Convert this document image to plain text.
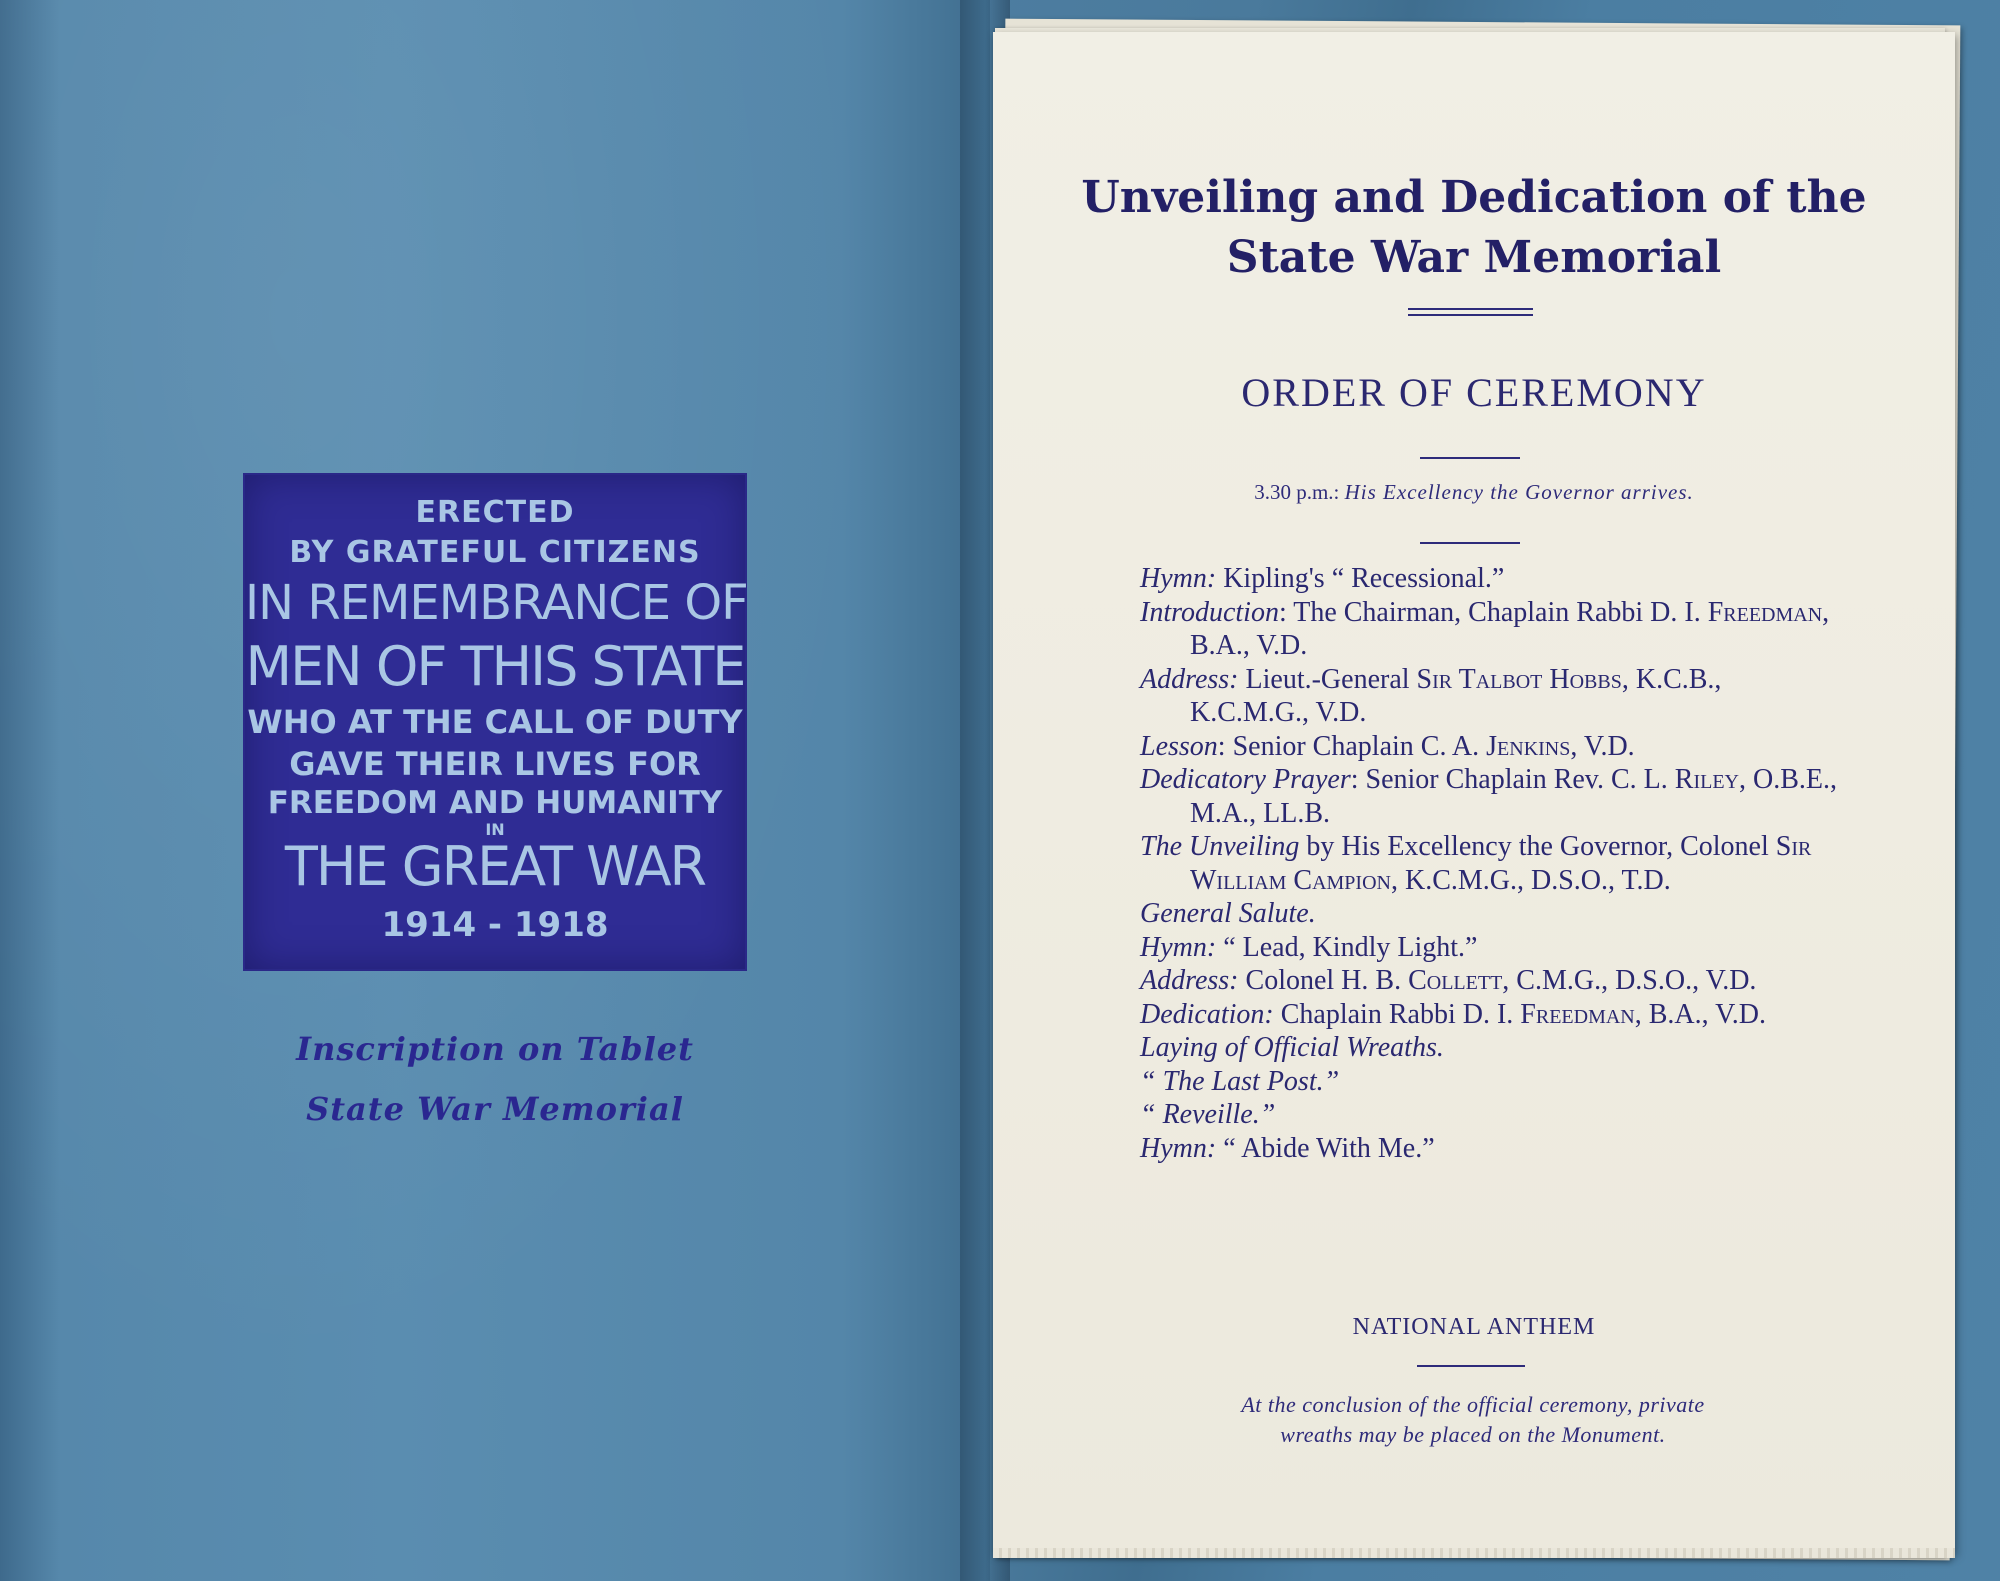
ERECTED
BY GRATEFUL CITIZENS
IN REMEMBRANCE OF
MEN OF THIS STATE
WHO AT THE CALL OF DUTY
GAVE THEIR LIVES FOR
FREEDOM AND HUMANITY
IN
THE GREAT WAR
1914 - 1918
Inscription on Tablet
State War Memorial
Unveiling and Dedication of the
State War Memorial
ORDER OF CEREMONY
3.30 p.m.: His Excellency the Governor arrives.
Hymn: Kipling's “ Recessional.”
Introduction: The Chairman, Chaplain Rabbi D. I. Freedman, B.A., V.D.
Address: Lieut.-General Sir Talbot Hobbs, K.C.B., K.C.M.G., V.D.
Lesson: Senior Chaplain C. A. Jenkins, V.D.
Dedicatory Prayer: Senior Chaplain Rev. C. L. Riley, O.B.E., M.A., LL.B.
The Unveiling by His Excellency the Governor, Colonel Sir William Campion, K.C.M.G., D.S.O., T.D.
General Salute.
Hymn: “ Lead, Kindly Light.”
Address: Colonel H. B. Collett, C.M.G., D.S.O., V.D.
Dedication: Chaplain Rabbi D. I. Freedman, B.A., V.D.
Laying of Official Wreaths.
“ The Last Post.”
“ Reveille.”
Hymn: “ Abide With Me.”
NATIONAL ANTHEM
At the conclusion of the official ceremony, private
wreaths may be placed on the Monument.
